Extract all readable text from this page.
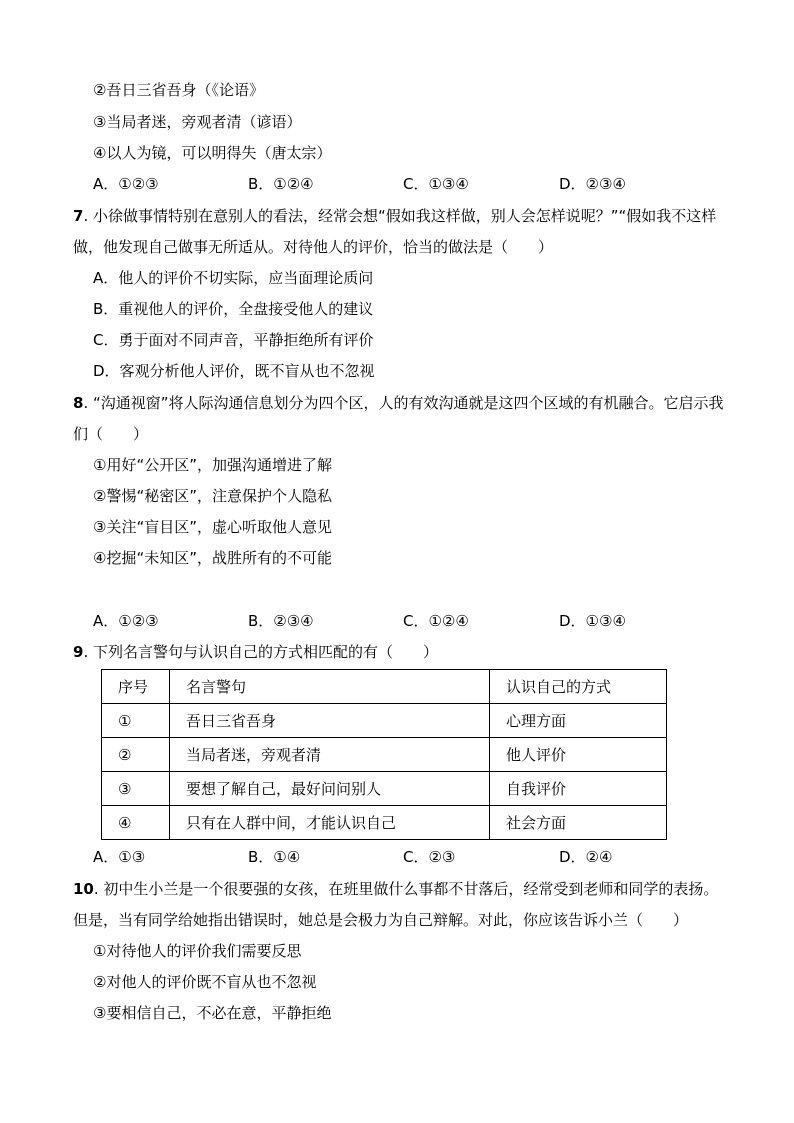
②吾日三省吾身（《论语》
③当局者迷，旁观者清（谚语）
④以人为镜，可以明得失（唐太宗）
A．①②③	B．①②④	C．①③④	D．②③④
7. 小徐做事情特别在意别人的看法，经常会想“假如我这样做，别人会怎样说呢？”“假如我不这样
做，他发现自己做事无所适从。对待他人的评价，恰当的做法是（　　）
A．他人的评价不切实际，应当面理论质问
B．重视他人的评价，全盘接受他人的建议
C．勇于面对不同声音，平静拒绝所有评价
D．客观分析他人评价，既不盲从也不忽视
8. “沟通视窗”将人际沟通信息划分为四个区，人的有效沟通就是这四个区域的有机融合。它启示我
们（　　）
①用好“公开区”，加强沟通增进了解
②警惕“秘密区”，注意保护个人隐私
③关注“盲目区”，虚心听取他人意见
④挖掘“未知区”，战胜所有的不可能
A．①②③	B．②③④	C．①②④	D．①③④
9. 下列名言警句与认识自己的方式相匹配的有（　　）
序号	名言警句	认识自己的方式
①	吾日三省吾身	心理方面
②	当局者迷，旁观者清	他人评价
③	要想了解自己，最好问问别人	自我评价
④	只有在人群中间，才能认识自己	社会方面
A．①③	B．①④	C．②③	D．②④
10. 初中生小兰是一个很要强的女孩，在班里做什么事都不甘落后，经常受到老师和同学的表扬。
但是，当有同学给她指出错误时，她总是会极力为自己辩解。对此，你应该告诉小兰（　　）
①对待他人的评价我们需要反思
②对他人的评价既不盲从也不忽视
③要相信自己，不必在意，平静拒绝
